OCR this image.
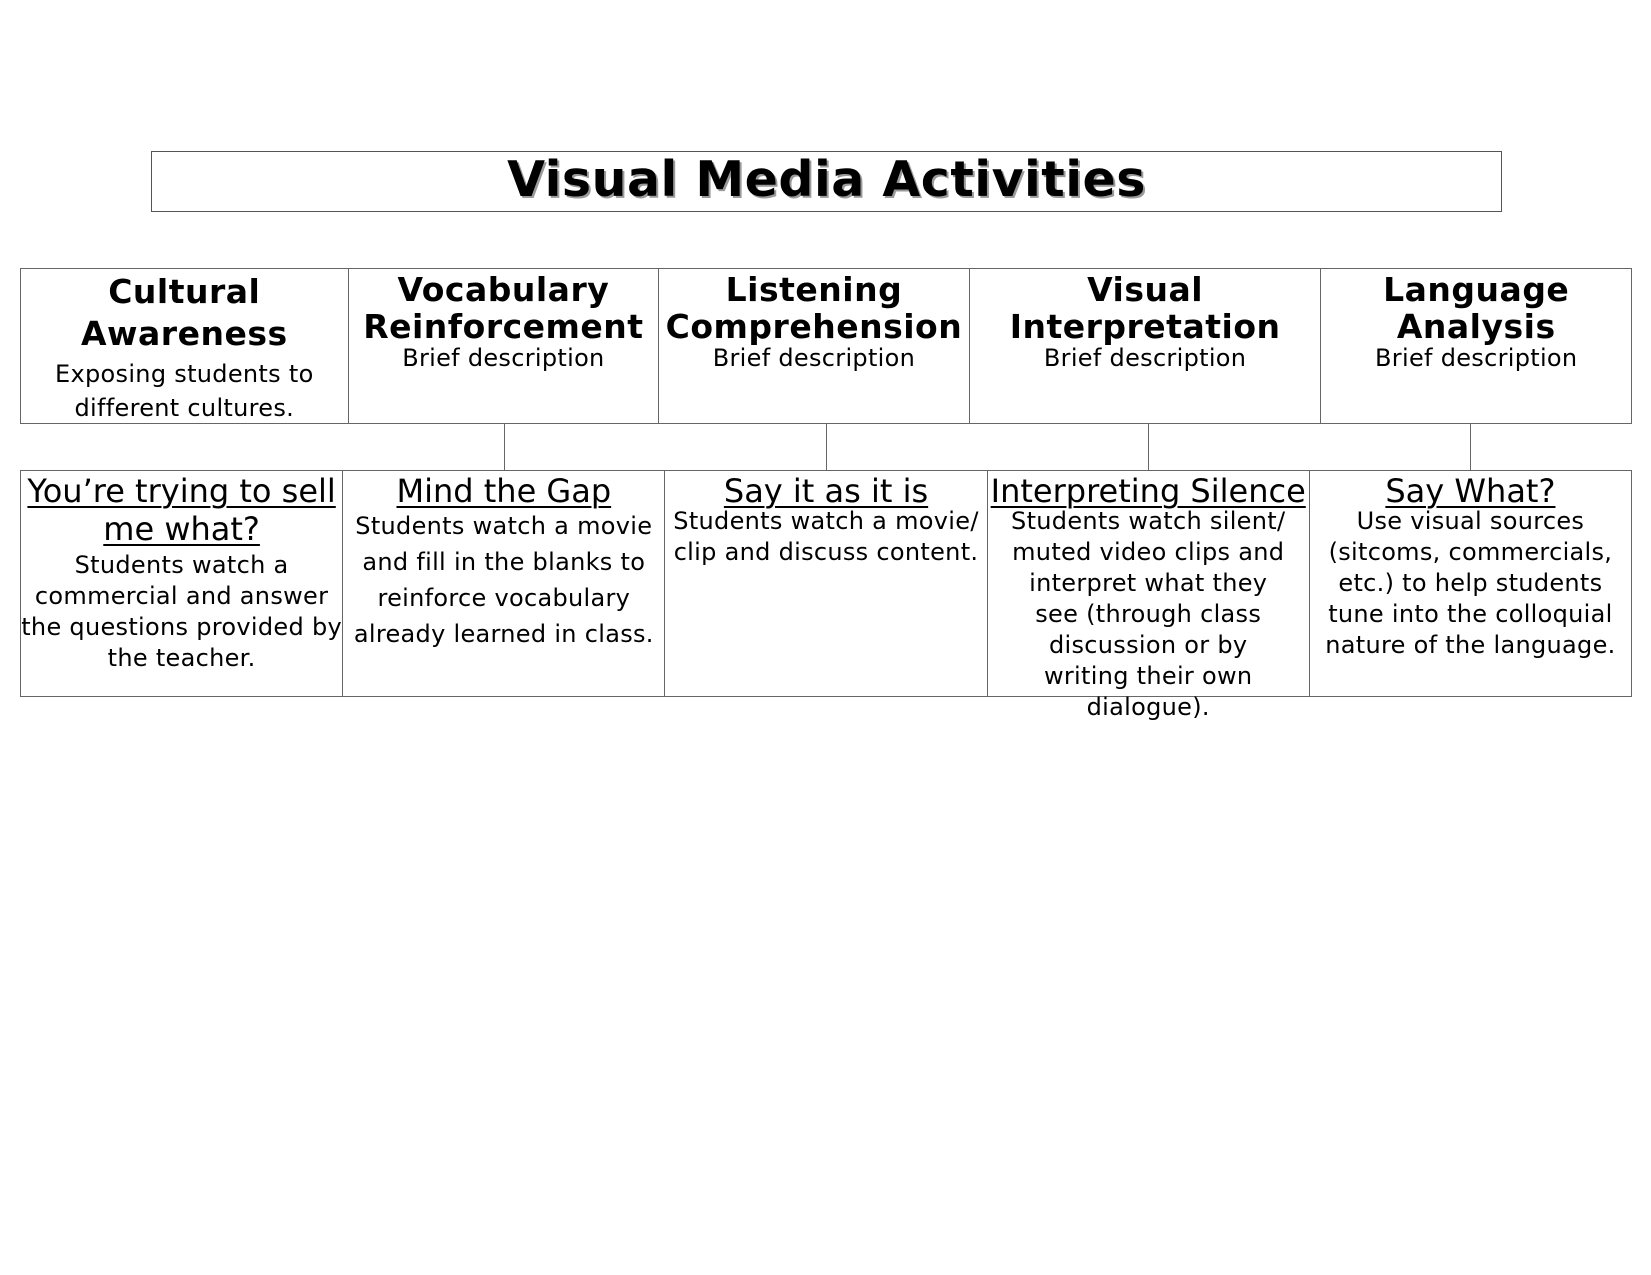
Visual Media Activities
Cultural Awareness
Exposing students to different cultures.
Vocabulary Reinforcement
Brief description
Listening Comprehension
Brief description
Visual Interpretation
Brief description
Language Analysis
Brief description
You’re trying to sell me what?
Students watch a commercial and answer the questions provided by the teacher.
Mind the Gap
Students watch a movie and fill in the blanks to reinforce vocabulary already learned in class.
Say it as it is
Students watch a movie/ clip and discuss content.
Interpreting Silence
Students watch silent/ muted video clips and interpret what they see (through class discussion or by writing their own dialogue).
Say What?
Use visual sources (sitcoms, commercials, etc.) to help students tune into the colloquial nature of the language.
